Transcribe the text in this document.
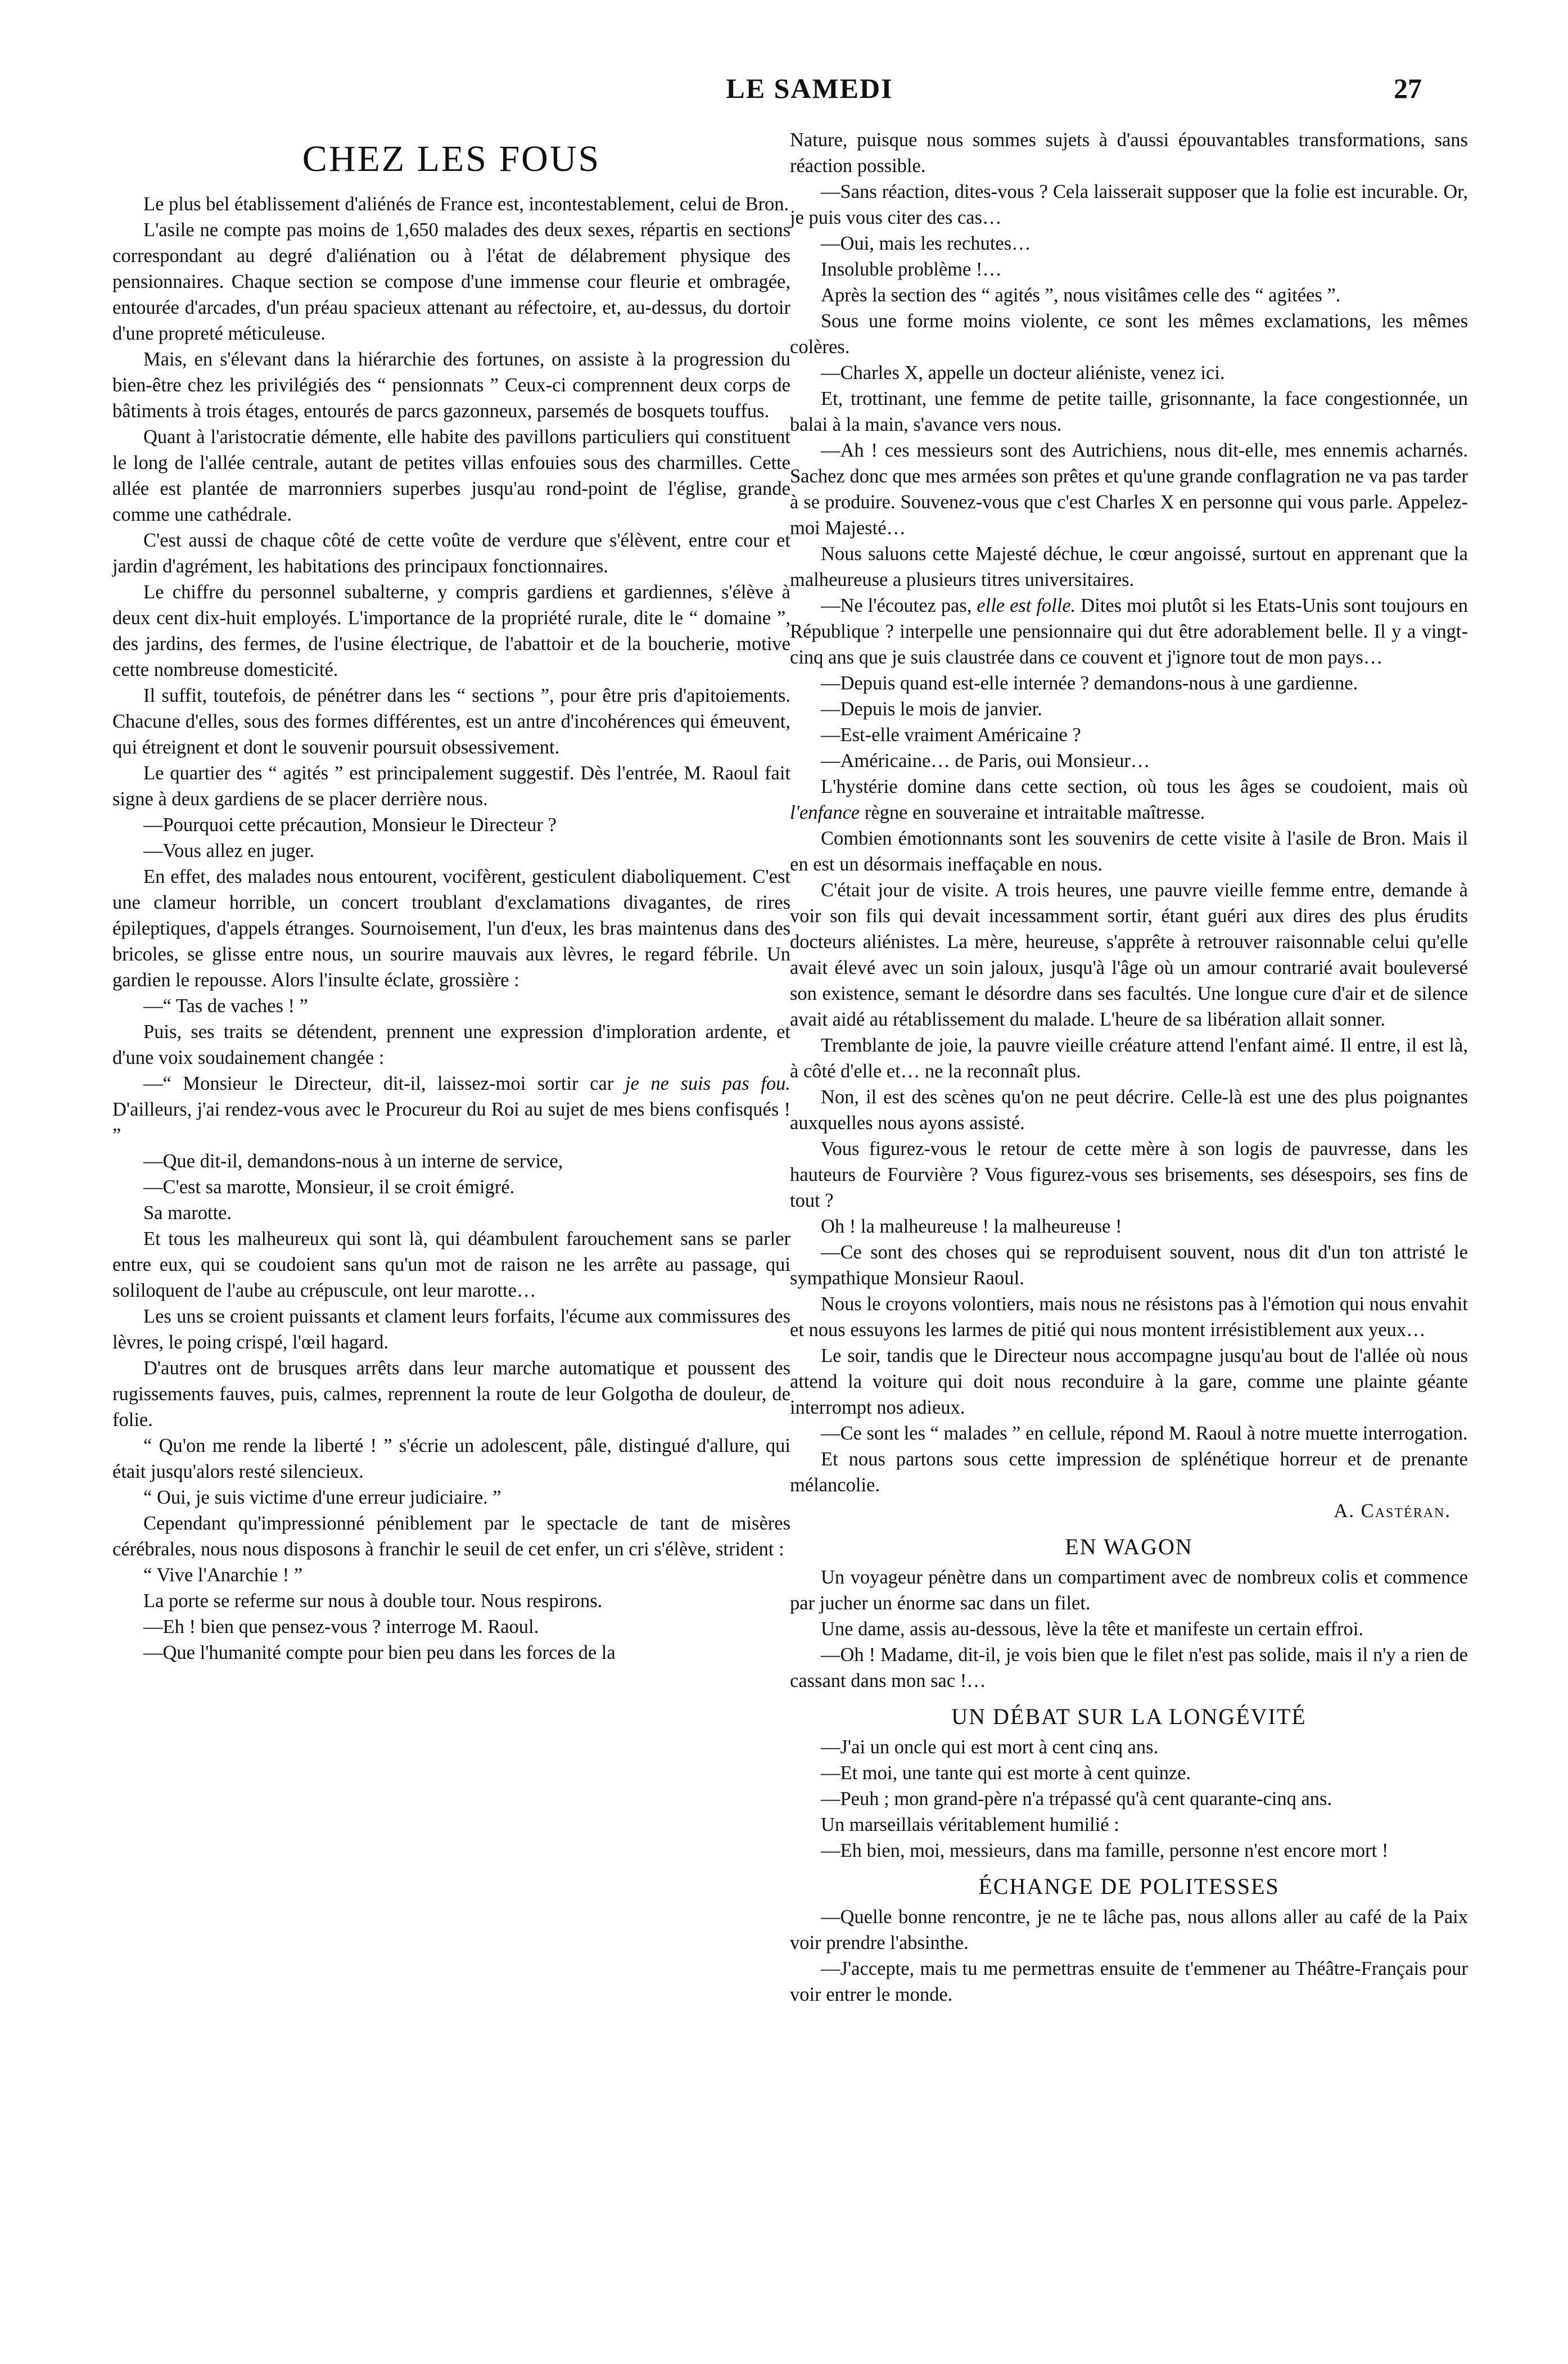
LE SAMEDI	27
CHEZ LES FOUS

Le plus bel établissement d'aliénés de France est, incontestablement, celui de Bron.

L'asile ne compte pas moins de 1,650 malades des deux sexes, répartis en sections correspondant au degré d'aliénation ou à l'état de délabrement physique des pensionnaires. Chaque section se compose d'une immense cour fleurie et ombragée, entourée d'arcades, d'un préau spacieux attenant au réfectoire, et, au-dessus, du dortoir d'une propreté méticuleuse.

Mais, en s'élevant dans la hiérarchie des fortunes, on assiste à la progression du bien-être chez les privilégiés des “ pensionnats ” Ceux-ci comprennent deux corps de bâtiments à trois étages, entourés de parcs gazonneux, parsemés de bosquets touffus.

Quant à l'aristocratie démente, elle habite des pavillons particuliers qui constituent le long de l'allée centrale, autant de petites villas enfouies sous des charmilles. Cette allée est plantée de marronniers superbes jusqu'au rond-point de l'église, grande comme une cathédrale.

C'est aussi de chaque côté de cette voûte de verdure que s'élèvent, entre cour et jardin d'agrément, les habitations des principaux fonctionnaires.

Le chiffre du personnel subalterne, y compris gardiens et gardiennes, s'élève à deux cent dix-huit employés. L'importance de la propriété rurale, dite le “ domaine ”, des jardins, des fermes, de l'usine électrique, de l'abattoir et de la boucherie, motive cette nombreuse domesticité.

Il suffit, toutefois, de pénétrer dans les “ sections ”, pour être pris d'apitoiements. Chacune d'elles, sous des formes différentes, est un antre d'incohérences qui émeuvent, qui étreignent et dont le souvenir poursuit obsessivement.

Le quartier des “ agités ” est principalement suggestif. Dès l'entrée, M. Raoul fait signe à deux gardiens de se placer derrière nous.

—Pourquoi cette précaution, Monsieur le Directeur ?

—Vous allez en juger.

En effet, des malades nous entourent, vocifèrent, gesticulent diaboliquement. C'est une clameur horrible, un concert troublant d'exclamations divagantes, de rires épileptiques, d'appels étranges. Sournoisement, l'un d'eux, les bras maintenus dans des bricoles, se glisse entre nous, un sourire mauvais aux lèvres, le regard fébrile. Un gardien le repousse. Alors l'insulte éclate, grossière :

—“ Tas de vaches ! ”

Puis, ses traits se détendent, prennent une expression d'imploration ardente, et d'une voix soudainement changée :

—“ Monsieur le Directeur, dit-il, laissez-moi sortir car je ne suis pas fou. D'ailleurs, j'ai rendez-vous avec le Procureur du Roi au sujet de mes biens confisqués ! ”

—Que dit-il, demandons-nous à un interne de service,

—C'est sa marotte, Monsieur, il se croit émigré.

Sa marotte.

Et tous les malheureux qui sont là, qui déambulent farouchement sans se parler entre eux, qui se coudoient sans qu'un mot de raison ne les arrête au passage, qui soliloquent de l'aube au crépuscule, ont leur marotte…

Les uns se croient puissants et clament leurs forfaits, l'écume aux commissures des lèvres, le poing crispé, l'œil hagard.

D'autres ont de brusques arrêts dans leur marche automatique et poussent des rugissements fauves, puis, calmes, reprennent la route de leur Golgotha de douleur, de folie.

“ Qu'on me rende la liberté ! ” s'écrie un adolescent, pâle, distingué d'allure, qui était jusqu'alors resté silencieux.

“ Oui, je suis victime d'une erreur judiciaire. ”

Cependant qu'impressionné péniblement par le spectacle de tant de misères cérébrales, nous nous disposons à franchir le seuil de cet enfer, un cri s'élève, strident :

“ Vive l'Anarchie ! ”

La porte se referme sur nous à double tour. Nous respirons.

—Eh ! bien que pensez-vous ? interroge M. Raoul.

—Que l'humanité compte pour bien peu dans les forces de la

Nature, puisque nous sommes sujets à d'aussi épouvantables transformations, sans réaction possible.

—Sans réaction, dites-vous ? Cela laisserait supposer que la folie est incurable. Or, je puis vous citer des cas…

—Oui, mais les rechutes…

Insoluble problème !…

Après la section des “ agités ”, nous visitâmes celle des “ agitées ”.

Sous une forme moins violente, ce sont les mêmes exclamations, les mêmes colères.

—Charles X, appelle un docteur aliéniste, venez ici.

Et, trottinant, une femme de petite taille, grisonnante, la face congestionnée, un balai à la main, s'avance vers nous.

—Ah ! ces messieurs sont des Autrichiens, nous dit-elle, mes ennemis acharnés. Sachez donc que mes armées son prêtes et qu'une grande conflagration ne va pas tarder à se produire. Souvenez-vous que c'est Charles X en personne qui vous parle. Appelez-moi Majesté…

Nous saluons cette Majesté déchue, le cœur angoissé, surtout en apprenant que la malheureuse a plusieurs titres universitaires.

—Ne l'écoutez pas, elle est folle. Dites moi plutôt si les Etats-Unis sont toujours en République ? interpelle une pensionnaire qui dut être adorablement belle. Il y a vingt-cinq ans que je suis claustrée dans ce couvent et j'ignore tout de mon pays…

—Depuis quand est-elle internée ? demandons-nous à une gardienne.

—Depuis le mois de janvier.

—Est-elle vraiment Américaine ?

—Américaine… de Paris, oui Monsieur…

L'hystérie domine dans cette section, où tous les âges se coudoient, mais où l'enfance règne en souveraine et intraitable maîtresse.

Combien émotionnants sont les souvenirs de cette visite à l'asile de Bron. Mais il en est un désormais ineffaçable en nous.

C'était jour de visite. A trois heures, une pauvre vieille femme entre, demande à voir son fils qui devait incessamment sortir, étant guéri aux dires des plus érudits docteurs aliénistes. La mère, heureuse, s'apprête à retrouver raisonnable celui qu'elle avait élevé avec un soin jaloux, jusqu'à l'âge où un amour contrarié avait bouleversé son existence, semant le désordre dans ses facultés. Une longue cure d'air et de silence avait aidé au rétablissement du malade. L'heure de sa libération allait sonner.

Tremblante de joie, la pauvre vieille créature attend l'enfant aimé. Il entre, il est là, à côté d'elle et… ne la reconnaît plus.

Non, il est des scènes qu'on ne peut décrire. Celle-là est une des plus poignantes auxquelles nous ayons assisté.

Vous figurez-vous le retour de cette mère à son logis de pauvresse, dans les hauteurs de Fourvière ? Vous figurez-vous ses brisements, ses désespoirs, ses fins de tout ?

Oh ! la malheureuse ! la malheureuse !

—Ce sont des choses qui se reproduisent souvent, nous dit d'un ton attristé le sympathique Monsieur Raoul.

Nous le croyons volontiers, mais nous ne résistons pas à l'émotion qui nous envahit et nous essuyons les larmes de pitié qui nous montent irrésistiblement aux yeux…

Le soir, tandis que le Directeur nous accompagne jusqu'au bout de l'allée où nous attend la voiture qui doit nous reconduire à la gare, comme une plainte géante interrompt nos adieux.

—Ce sont les “ malades ” en cellule, répond M. Raoul à notre muette interrogation.

Et nous partons sous cette impression de splénétique horreur et de prenante mélancolie.

A. Castéran.

EN WAGON

Un voyageur pénètre dans un compartiment avec de nombreux colis et commence par jucher un énorme sac dans un filet.

Une dame, assis au-dessous, lève la tête et manifeste un certain effroi.

—Oh ! Madame, dit-il, je vois bien que le filet n'est pas solide, mais il n'y a rien de cassant dans mon sac !…

UN DÉBAT SUR LA LONGÉVITÉ

—J'ai un oncle qui est mort à cent cinq ans.

—Et moi, une tante qui est morte à cent quinze.

—Peuh ; mon grand-père n'a trépassé qu'à cent quarante-cinq ans.

Un marseillais véritablement humilié :

—Eh bien, moi, messieurs, dans ma famille, personne n'est encore mort !

ÉCHANGE DE POLITESSES

—Quelle bonne rencontre, je ne te lâche pas, nous allons aller au café de la Paix voir prendre l'absinthe.

—J'accepte, mais tu me permettras ensuite de t'emmener au Théâtre-Français pour voir entrer le monde.
